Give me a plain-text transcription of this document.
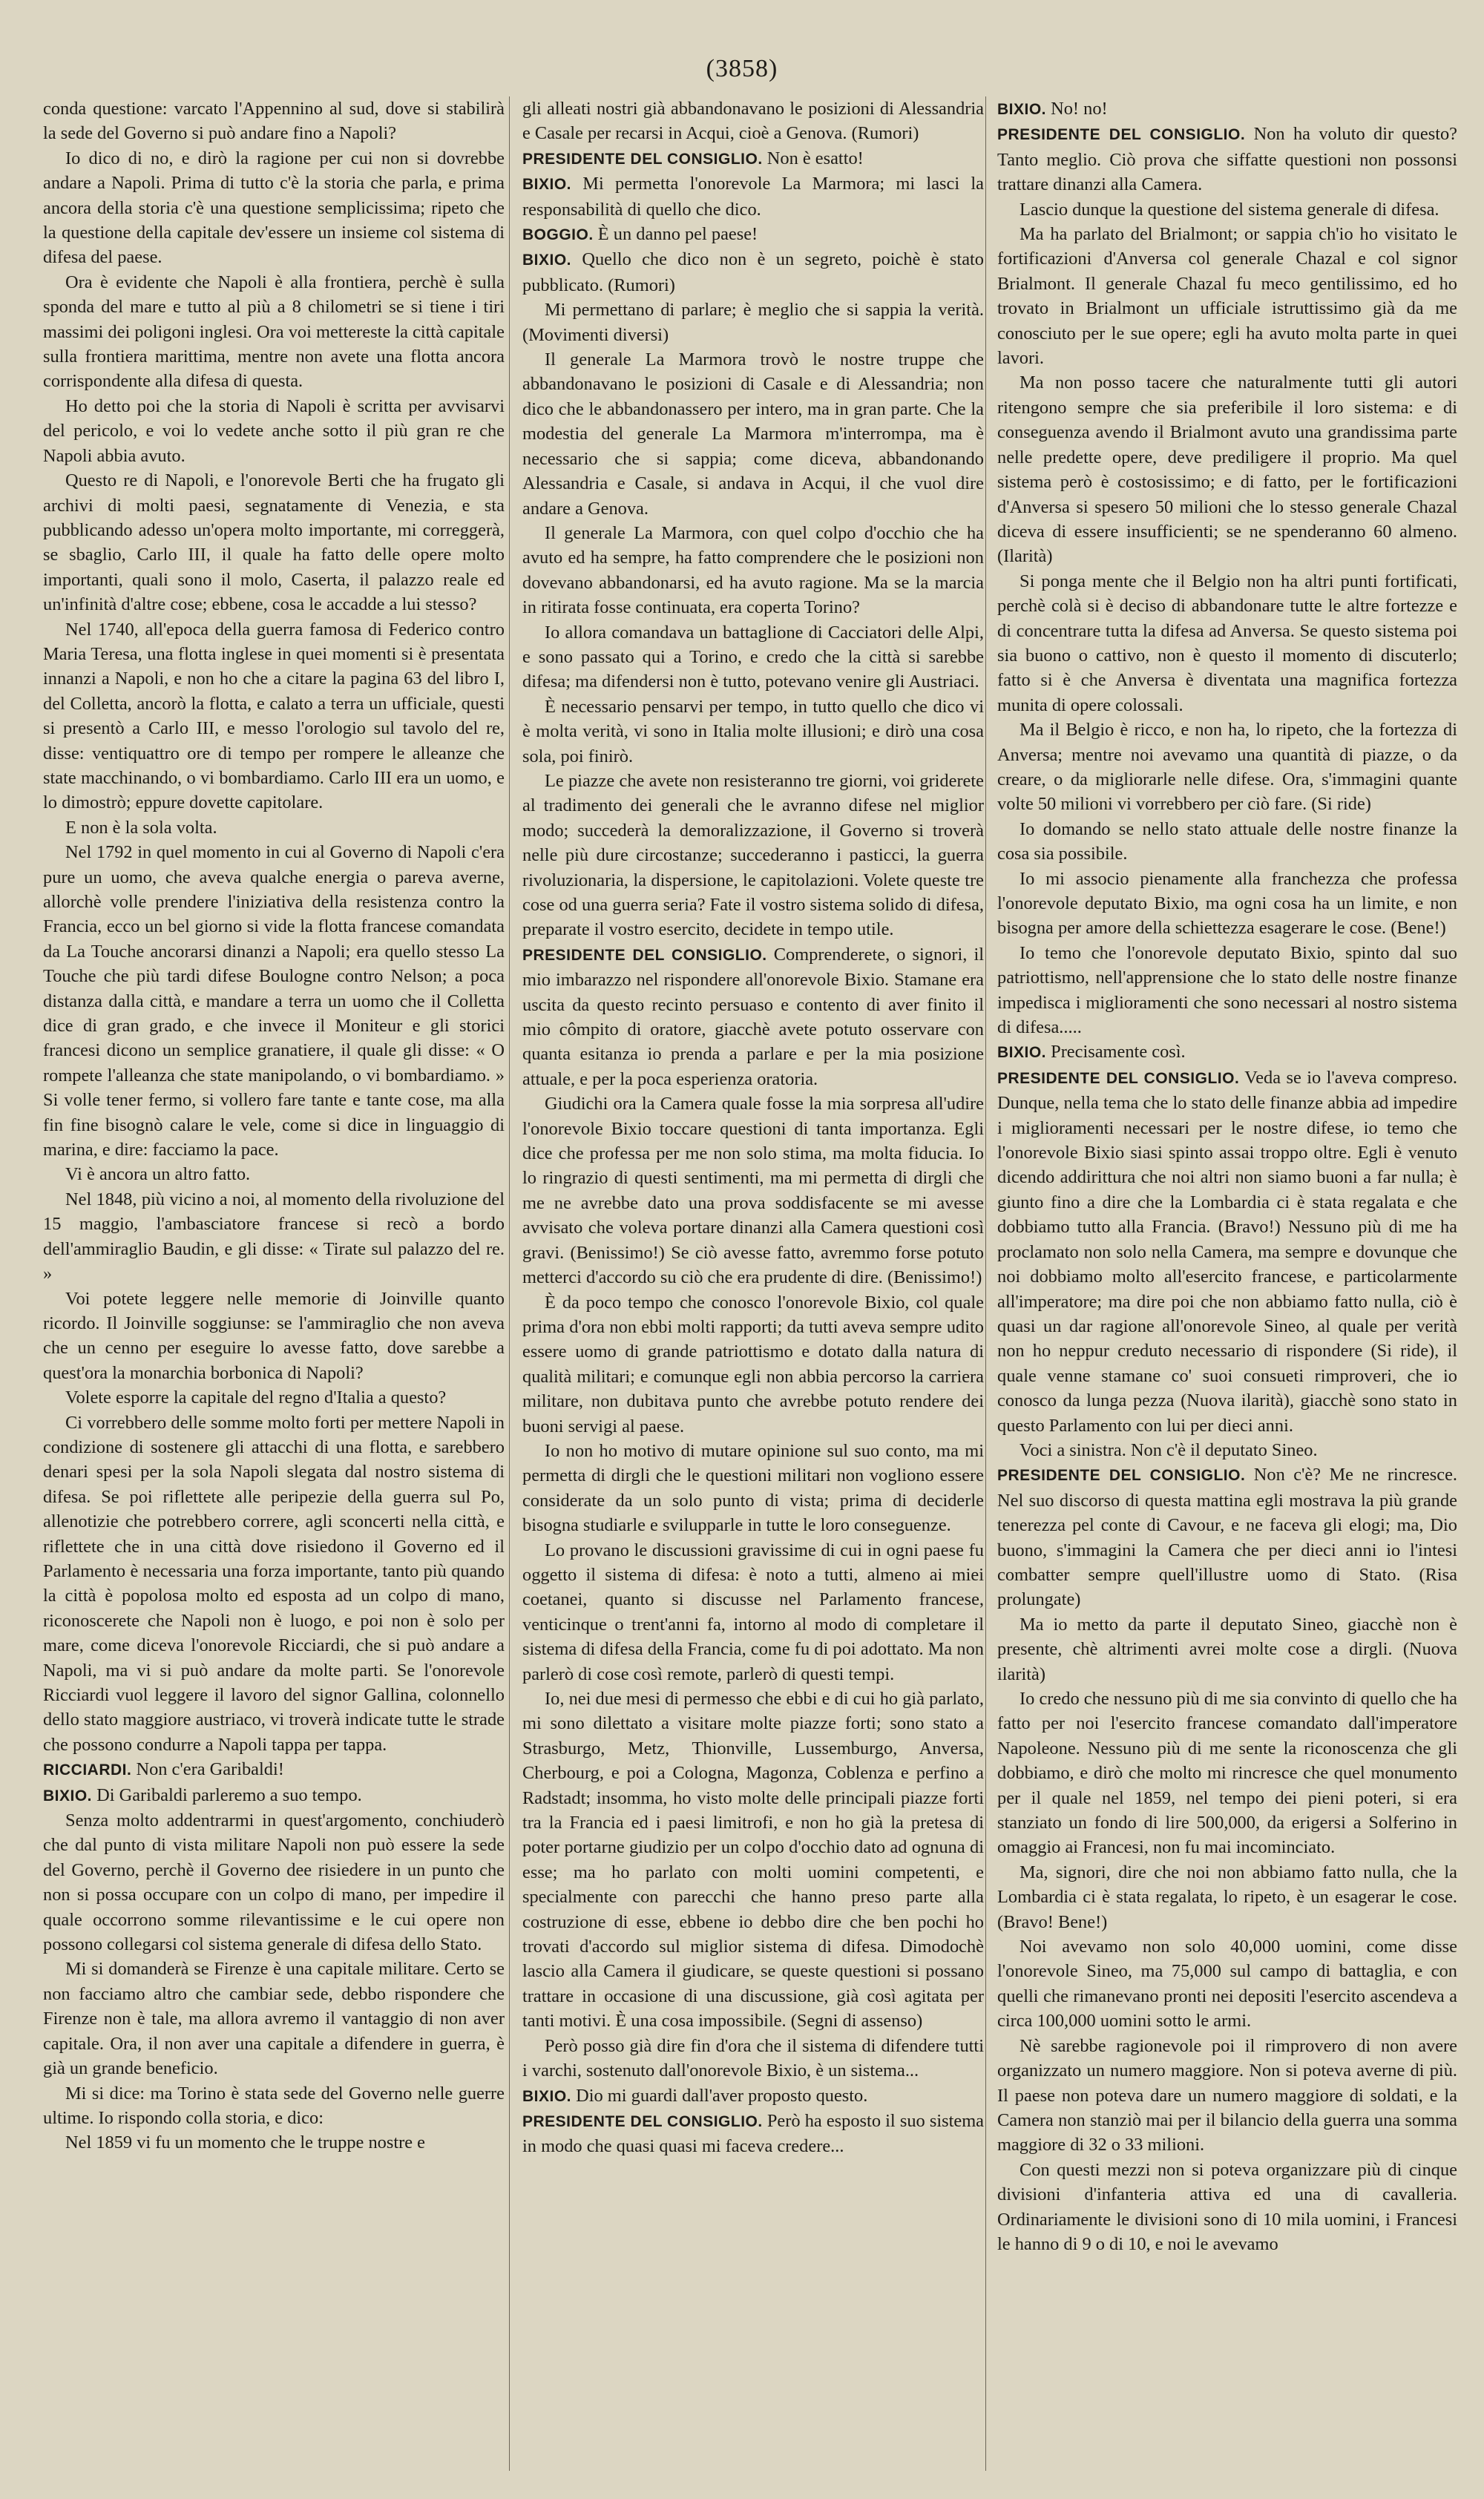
(3858)

conda questione: varcato l'Appennino al sud, dove si stabilirà la sede del Governo si può andare fino a Napoli?

Io dico di no, e dirò la ragione per cui non si dovrebbe andare a Napoli. Prima di tutto c'è la storia che parla, e prima ancora della storia c'è una questione semplicissima; ripeto che la questione della capitale dev'essere un insieme col sistema di difesa del paese.

Ora è evidente che Napoli è alla frontiera, perchè è sulla sponda del mare e tutto al più a 8 chilometri se si tiene i tiri massimi dei poligoni inglesi. Ora voi mettereste la città capitale sulla frontiera marittima, mentre non avete una flotta ancora corrispondente alla difesa di questa.

Ho detto poi che la storia di Napoli è scritta per avvisarvi del pericolo, e voi lo vedete anche sotto il più gran re che Napoli abbia avuto.

Questo re di Napoli, e l'onorevole Berti che ha frugato gli archivi di molti paesi, segnatamente di Venezia, e sta pubblicando adesso un'opera molto importante, mi correggerà, se sbaglio, Carlo III, il quale ha fatto delle opere molto importanti, quali sono il molo, Caserta, il palazzo reale ed un'infinità d'altre cose; ebbene, cosa le accadde a lui stesso?

Nel 1740, all'epoca della guerra famosa di Federico contro Maria Teresa, una flotta inglese in quei momenti si è presentata innanzi a Napoli, e non ho che a citare la pagina 63 del libro I, del Colletta, ancorò la flotta, e calato a terra un ufficiale, questi si presentò a Carlo III, e messo l'orologio sul tavolo del re, disse: ventiquattro ore di tempo per rompere le alleanze che state macchinando, o vi bombardiamo. Carlo III era un uomo, e lo dimostrò; eppure dovette capitolare.

E non è la sola volta.

Nel 1792 in quel momento in cui al Governo di Napoli c'era pure un uomo, che aveva qualche energia o pareva averne, allorchè volle prendere l'iniziativa della resistenza contro la Francia, ecco un bel giorno si vide la flotta francese comandata da La Touche ancorarsi dinanzi a Napoli; era quello stesso La Touche che più tardi difese Boulogne contro Nelson; a poca distanza dalla città, e mandare a terra un uomo che il Colletta dice di gran grado, e che invece il Moniteur e gli storici francesi dicono un semplice granatiere, il quale gli disse: « O rompete l'alleanza che state manipolando, o vi bombardiamo. » Si volle tener fermo, si vollero fare tante e tante cose, ma alla fin fine bisognò calare le vele, come si dice in linguaggio di marina, e dire: facciamo la pace.

Vi è ancora un altro fatto.

Nel 1848, più vicino a noi, al momento della rivoluzione del 15 maggio, l'ambasciatore francese si recò a bordo dell'ammiraglio Baudin, e gli disse: « Tirate sul palazzo del re. »

Voi potete leggere nelle memorie di Joinville quanto ricordo. Il Joinville soggiunse: se l'ammiraglio che non aveva che un cenno per eseguire lo avesse fatto, dove sarebbe a quest'ora la monarchia borbonica di Napoli?

Volete esporre la capitale del regno d'Italia a questo?

Ci vorrebbero delle somme molto forti per mettere Napoli in condizione di sostenere gli attacchi di una flotta, e sarebbero denari spesi per la sola Napoli slegata dal nostro sistema di difesa. Se poi riflettete alle peripezie della guerra sul Po, allenotizie che potrebbero correre, agli sconcerti nella città, e riflettete che in una città dove risiedono il Governo ed il Parlamento è necessaria una forza importante, tanto più quando la città è popolosa molto ed esposta ad un colpo di mano, riconoscerete che Napoli non è luogo, e poi non è solo per mare, come diceva l'onorevole Ricciardi, che si può andare a Napoli, ma vi si può andare da molte parti. Se l'onorevole Ricciardi vuol leggere il lavoro del signor Gallina, colonnello dello stato maggiore austriaco, vi troverà indicate tutte le strade che possono condurre a Napoli tappa per tappa.

RICCIARDI. Non c'era Garibaldi!

BIXIO. Di Garibaldi parleremo a suo tempo.

Senza molto addentrarmi in quest'argomento, conchiuderò che dal punto di vista militare Napoli non può essere la sede del Governo, perchè il Governo dee risiedere in un punto che non si possa occupare con un colpo di mano, per impedire il quale occorrono somme rilevantissime e le cui opere non possono collegarsi col sistema generale di difesa dello Stato.

Mi si domanderà se Firenze è una capitale militare. Certo se non facciamo altro che cambiar sede, debbo rispondere che Firenze non è tale, ma allora avremo il vantaggio di non aver capitale. Ora, il non aver una capitale a difendere in guerra, è già un grande beneficio.

Mi si dice: ma Torino è stata sede del Governo nelle guerre ultime. Io rispondo colla storia, e dico:

Nel 1859 vi fu un momento che le truppe nostre e

gli alleati nostri già abbandonavano le posizioni di Alessandria e Casale per recarsi in Acqui, cioè a Genova. (Rumori)

PRESIDENTE DEL CONSIGLIO. Non è esatto!

BIXIO. Mi permetta l'onorevole La Marmora; mi lasci la responsabilità di quello che dico.

BOGGIO. È un danno pel paese!

BIXIO. Quello che dico non è un segreto, poichè è stato pubblicato. (Rumori)

Mi permettano di parlare; è meglio che si sappia la verità. (Movimenti diversi)

Il generale La Marmora trovò le nostre truppe che abbandonavano le posizioni di Casale e di Alessandria; non dico che le abbandonassero per intero, ma in gran parte. Che la modestia del generale La Marmora m'interrompa, ma è necessario che si sappia; come diceva, abbandonando Alessandria e Casale, si andava in Acqui, il che vuol dire andare a Genova.

Il generale La Marmora, con quel colpo d'occhio che ha avuto ed ha sempre, ha fatto comprendere che le posizioni non dovevano abbandonarsi, ed ha avuto ragione. Ma se la marcia in ritirata fosse continuata, era coperta Torino?

Io allora comandava un battaglione di Cacciatori delle Alpi, e sono passato qui a Torino, e credo che la città si sarebbe difesa; ma difendersi non è tutto, potevano venire gli Austriaci.

È necessario pensarvi per tempo, in tutto quello che dico vi è molta verità, vi sono in Italia molte illusioni; e dirò una cosa sola, poi finirò.

Le piazze che avete non resisteranno tre giorni, voi griderete al tradimento dei generali che le avranno difese nel miglior modo; succederà la demoralizzazione, il Governo si troverà nelle più dure circostanze; succederanno i pasticci, la guerra rivoluzionaria, la dispersione, le capitolazioni. Volete queste tre cose od una guerra seria? Fate il vostro sistema solido di difesa, preparate il vostro esercito, decidete in tempo utile.

PRESIDENTE DEL CONSIGLIO. Comprenderete, o signori, il mio imbarazzo nel rispondere all'onorevole Bixio. Stamane era uscita da questo recinto persuaso e contento di aver finito il mio cômpito di oratore, giacchè avete potuto osservare con quanta esitanza io prenda a parlare e per la mia posizione attuale, e per la poca esperienza oratoria.

Giudichi ora la Camera quale fosse la mia sorpresa all'udire l'onorevole Bixio toccare questioni di tanta importanza. Egli dice che professa per me non solo stima, ma molta fiducia. Io lo ringrazio di questi sentimenti, ma mi permetta di dirgli che me ne avrebbe dato una prova soddisfacente se mi avesse avvisato che voleva portare dinanzi alla Camera questioni così gravi. (Benissimo!) Se ciò avesse fatto, avremmo forse potuto metterci d'accordo su ciò che era prudente di dire. (Benissimo!)

È da poco tempo che conosco l'onorevole Bixio, col quale prima d'ora non ebbi molti rapporti; da tutti aveva sempre udito essere uomo di grande patriottismo e dotato dalla natura di qualità militari; e comunque egli non abbia percorso la carriera militare, non dubitava punto che avrebbe potuto rendere dei buoni servigi al paese.

Io non ho motivo di mutare opinione sul suo conto, ma mi permetta di dirgli che le questioni militari non vogliono essere considerate da un solo punto di vista; prima di deciderle bisogna studiarle e svilupparle in tutte le loro conseguenze.

Lo provano le discussioni gravissime di cui in ogni paese fu oggetto il sistema di difesa: è noto a tutti, almeno ai miei coetanei, quanto si discusse nel Parlamento francese, venticinque o trent'anni fa, intorno al modo di completare il sistema di difesa della Francia, come fu di poi adottato. Ma non parlerò di cose così remote, parlerò di questi tempi.

Io, nei due mesi di permesso che ebbi e di cui ho già parlato, mi sono dilettato a visitare molte piazze forti; sono stato a Strasburgo, Metz, Thionville, Lussemburgo, Anversa, Cherbourg, e poi a Cologna, Magonza, Coblenza e perfino a Radstadt; insomma, ho visto molte delle principali piazze forti tra la Francia ed i paesi limitrofi, e non ho già la pretesa di poter portarne giudizio per un colpo d'occhio dato ad ognuna di esse; ma ho parlato con molti uomini competenti, e specialmente con parecchi che hanno preso parte alla costruzione di esse, ebbene io debbo dire che ben pochi ho trovati d'accordo sul miglior sistema di difesa. Dimodochè lascio alla Camera il giudicare, se queste questioni si possano trattare in occasione di una discussione, già così agitata per tanti motivi. È una cosa impossibile. (Segni di assenso)

Però posso già dire fin d'ora che il sistema di difendere tutti i varchi, sostenuto dall'onorevole Bixio, è un sistema...

BIXIO. Dio mi guardi dall'aver proposto questo.

PRESIDENTE DEL CONSIGLIO. Però ha esposto il suo sistema in modo che quasi quasi mi faceva credere...

BIXIO. No! no!

PRESIDENTE DEL CONSIGLIO. Non ha voluto dir questo? Tanto meglio. Ciò prova che siffatte questioni non possonsi trattare dinanzi alla Camera.

Lascio dunque la questione del sistema generale di difesa.

Ma ha parlato del Brialmont; or sappia ch'io ho visitato le fortificazioni d'Anversa col generale Chazal e col signor Brialmont. Il generale Chazal fu meco gentilissimo, ed ho trovato in Brialmont un ufficiale istruttissimo già da me conosciuto per le sue opere; egli ha avuto molta parte in quei lavori.

Ma non posso tacere che naturalmente tutti gli autori ritengono sempre che sia preferibile il loro sistema: e di conseguenza avendo il Brialmont avuto una grandissima parte nelle predette opere, deve prediligere il proprio. Ma quel sistema però è costosissimo; e di fatto, per le fortificazioni d'Anversa si spesero 50 milioni che lo stesso generale Chazal diceva di essere insufficienti; se ne spenderanno 60 almeno. (Ilarità)

Si ponga mente che il Belgio non ha altri punti fortificati, perchè colà si è deciso di abbandonare tutte le altre fortezze e di concentrare tutta la difesa ad Anversa. Se questo sistema poi sia buono o cattivo, non è questo il momento di discuterlo; fatto si è che Anversa è diventata una magnifica fortezza munita di opere colossali.

Ma il Belgio è ricco, e non ha, lo ripeto, che la fortezza di Anversa; mentre noi avevamo una quantità di piazze, o da creare, o da migliorarle nelle difese. Ora, s'immagini quante volte 50 milioni vi vorrebbero per ciò fare. (Si ride)

Io domando se nello stato attuale delle nostre finanze la cosa sia possibile.

Io mi associo pienamente alla franchezza che professa l'onorevole deputato Bixio, ma ogni cosa ha un limite, e non bisogna per amore della schiettezza esagerare le cose. (Bene!)

Io temo che l'onorevole deputato Bixio, spinto dal suo patriottismo, nell'apprensione che lo stato delle nostre finanze impedisca i miglioramenti che sono necessari al nostro sistema di difesa.....

BIXIO. Precisamente così.

PRESIDENTE DEL CONSIGLIO. Veda se io l'aveva compreso. Dunque, nella tema che lo stato delle finanze abbia ad impedire i miglioramenti necessari per le nostre difese, io temo che l'onorevole Bixio siasi spinto assai troppo oltre. Egli è venuto dicendo addirittura che noi altri non siamo buoni a far nulla; è giunto fino a dire che la Lombardia ci è stata regalata e che dobbiamo tutto alla Francia. (Bravo!) Nessuno più di me ha proclamato non solo nella Camera, ma sempre e dovunque che noi dobbiamo molto all'esercito francese, e particolarmente all'imperatore; ma dire poi che non abbiamo fatto nulla, ciò è quasi un dar ragione all'onorevole Sineo, al quale per verità non ho neppur creduto necessario di rispondere (Si ride), il quale venne stamane co' suoi consueti rimproveri, che io conosco da lunga pezza (Nuova ilarità), giacchè sono stato in questo Parlamento con lui per dieci anni.

Voci a sinistra. Non c'è il deputato Sineo.

PRESIDENTE DEL CONSIGLIO. Non c'è? Me ne rincresce. Nel suo discorso di questa mattina egli mostrava la più grande tenerezza pel conte di Cavour, e ne faceva gli elogi; ma, Dio buono, s'immagini la Camera che per dieci anni io l'intesi combatter sempre quell'illustre uomo di Stato. (Risa prolungate)

Ma io metto da parte il deputato Sineo, giacchè non è presente, chè altrimenti avrei molte cose a dirgli. (Nuova ilarità)

Io credo che nessuno più di me sia convinto di quello che ha fatto per noi l'esercito francese comandato dall'imperatore Napoleone. Nessuno più di me sente la riconoscenza che gli dobbiamo, e dirò che molto mi rincresce che quel monumento per il quale nel 1859, nel tempo dei pieni poteri, si era stanziato un fondo di lire 500,000, da erigersi a Solferino in omaggio ai Francesi, non fu mai incominciato.

Ma, signori, dire che noi non abbiamo fatto nulla, che la Lombardia ci è stata regalata, lo ripeto, è un esagerar le cose. (Bravo! Bene!)

Noi avevamo non solo 40,000 uomini, come disse l'onorevole Sineo, ma 75,000 sul campo di battaglia, e con quelli che rimanevano pronti nei depositi l'esercito ascendeva a circa 100,000 uomini sotto le armi.

Nè sarebbe ragionevole poi il rimprovero di non avere organizzato un numero maggiore. Non si poteva averne di più. Il paese non poteva dare un numero maggiore di soldati, e la Camera non stanziò mai per il bilancio della guerra una somma maggiore di 32 o 33 milioni.

Con questi mezzi non si poteva organizzare più di cinque divisioni d'infanteria attiva ed una di cavalleria. Ordinariamente le divisioni sono di 10 mila uomini, i Francesi le hanno di 9 o di 10, e noi le avevamo
